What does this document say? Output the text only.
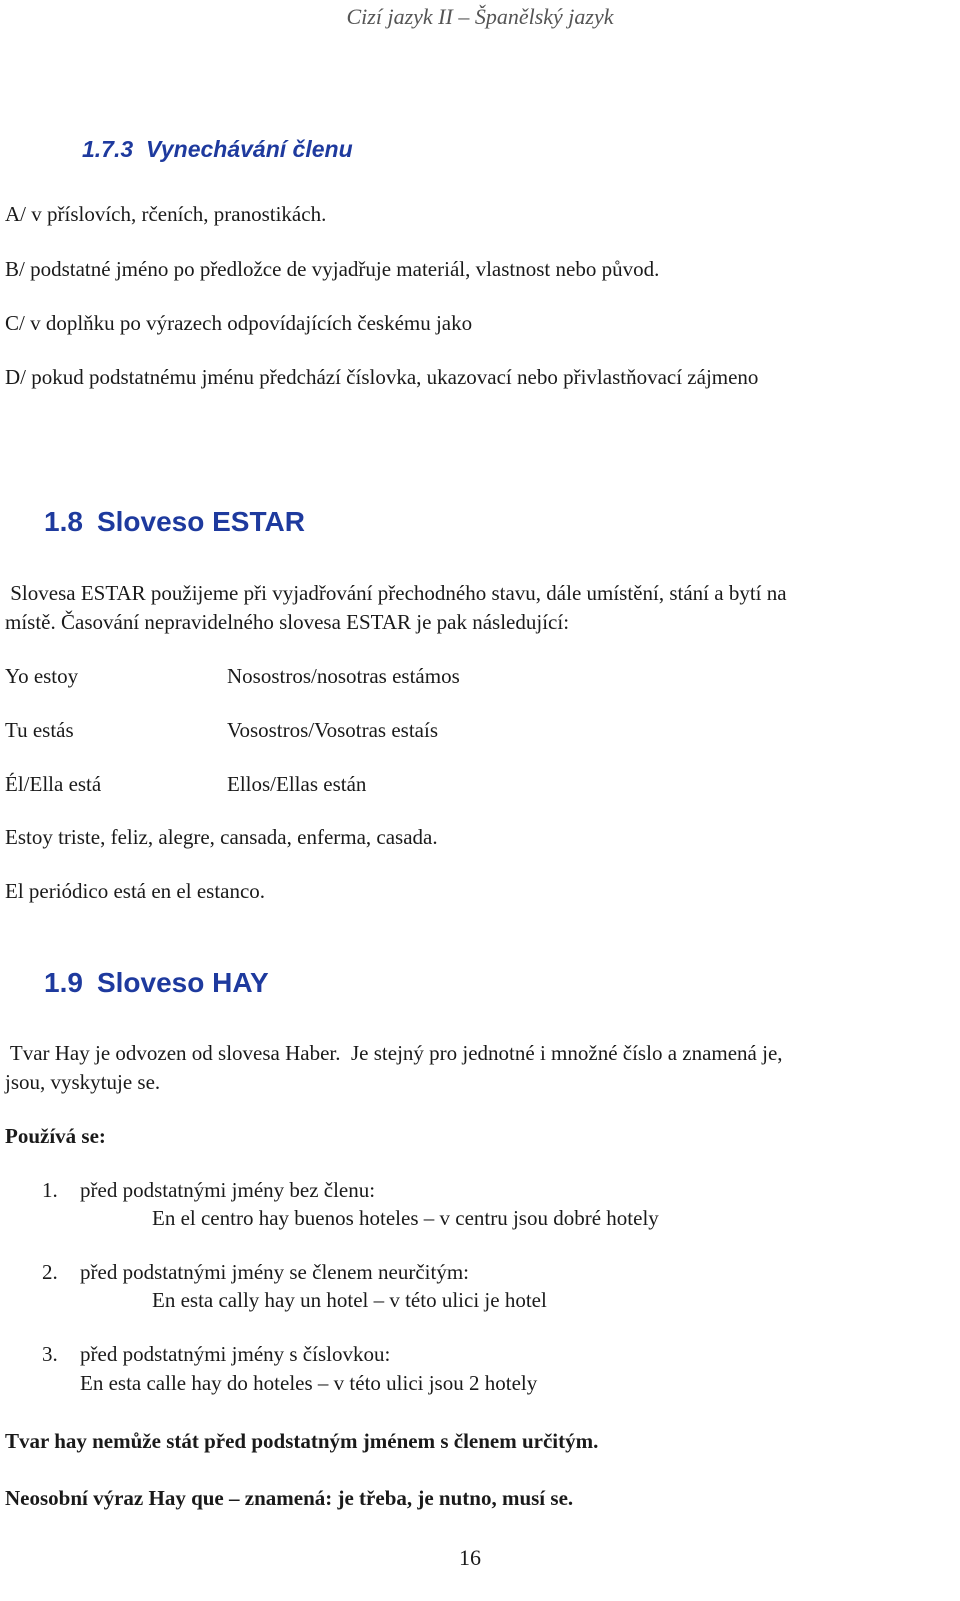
Cizí jazyk II – Španělský jazyk
1.7.3 Vynechávání členu
A/ v příslovích, rčeních, pranostikách.
B/ podstatné jméno po předložce de vyjadřuje materiál, vlastnost nebo původ.
C/ v doplňku po výrazech odpovídajících českému jako
D/ pokud podstatnému jménu předchází číslovka, ukazovací nebo přivlastňovací zájmeno
1.8 Sloveso ESTAR
Slovesa ESTAR použijeme při vyjadřování přechodného stavu, dále umístění, stání a bytí na
místě. Časování nepravidelného slovesa ESTAR je pak následující:
Yo estoy	Nosostros/nosotras estámos
Tu estás	Vosostros/Vosotras estaís
Él/Ella está	Ellos/Ellas están
Estoy triste, feliz, alegre, cansada, enferma, casada.
El periódico está en el estanco.
1.9 Sloveso HAY
Tvar Hay je odvozen od slovesa Haber.  Je stejný pro jednotné i množné číslo a znamená je,
jsou, vyskytuje se.
Používá se:
1. před podstatnými jmény bez členu:
En el centro hay buenos hoteles – v centru jsou dobré hotely
2. před podstatnými jmény se členem neurčitým:
En esta cally hay un hotel – v této ulici je hotel
3. před podstatnými jmény s číslovkou:
En esta calle hay do hoteles – v této ulici jsou 2 hotely
Tvar hay nemůže stát před podstatným jménem s členem určitým.
Neosobní výraz Hay que – znamená: je třeba, je nutno, musí se.
16
